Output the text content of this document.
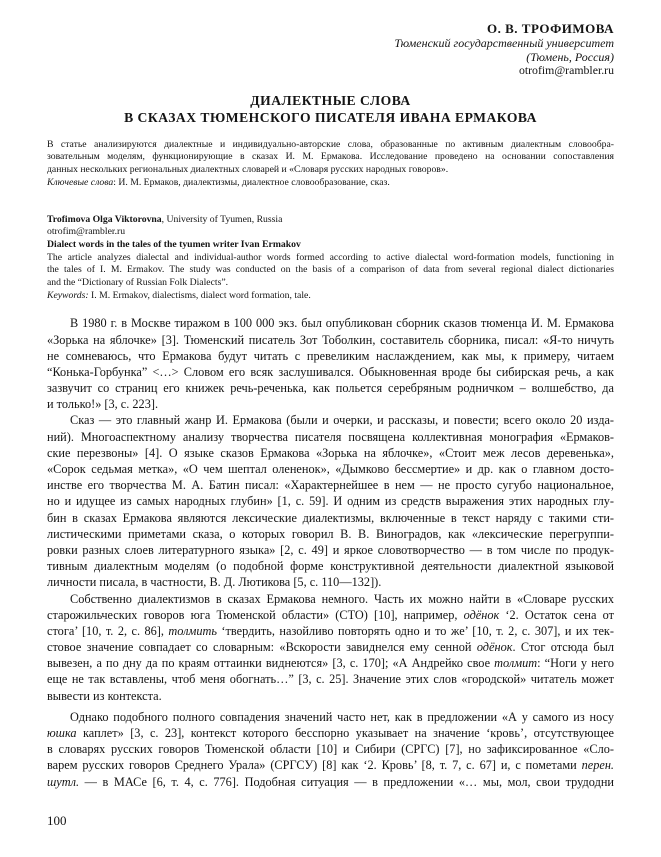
О. В. ТРОФИМОВА
Тюменский государственный университет
(Тюмень, Россия)
otrofim@rambler.ru
ДИАЛЕКТНЫЕ СЛОВА
В СКАЗАХ ТЮМЕНСКОГО ПИСАТЕЛЯ ИВАНА ЕРМАКОВА
В статье анализируются диалектные и индивидуально-авторские слова, образованные по активным диалектным словообра-
зовательным моделям, функционирующие в сказах И. М. Ермакова. Исследование проведено на основании сопоставления
данных нескольких региональных диалектных словарей и «Словаря русских народных говоров».
Ключевые слова: И. М. Ермаков, диалектизмы, диалектное словообразование, сказ.
Trofimova Olga Viktorovna, University of Tyumen, Russia
otrofim@rambler.ru
Dialect words in the tales of the tyumen writer Ivan Ermakov
The article analyzes dialectal and individual-author words formed according to active dialectal word-formation models, functioning in
the tales of I. M. Ermakov. The study was conducted on the basis of a comparison of data from several regional dialect dictionaries
and the “Dictionary of Russian Folk Dialects”.
Keywords: I. M. Ermakov, dialectisms, dialect word formation, tale.
В 1980 г. в Москве тиражом в 100 000 экз. был опубликован сборник сказов тюменца И. М. Ермакова
«Зорька на яблочке» [3]. Тюменский писатель Зот Тоболкин, составитель сборника, писал: «Я-то ничуть
не сомневаюсь, что Ермакова будут читать с превеликим наслаждением, как мы, к примеру, читаем
“Конька-Горбунка” <…> Словом его всяк заслушивался. Обыкновенная вроде бы сибирская речь, а как
зазвучит со страниц его книжек речь-реченька, как польется серебряным родничком – волшебство, да
и только!» [3, с. 223].
Сказ — это главный жанр И. Ермакова (были и очерки, и рассказы, и повести; всего около 20 изда-
ний). Многоаспектному анализу творчества писателя посвящена коллективная монография «Ермаков-
ские перезвоны» [4]. О языке сказов Ермакова «Зорька на яблочке», «Стоит меж лесов деревенька»,
«Сорок седьмая метка», «О чем шептал олененок», «Дымково бессмертие» и др. как о главном досто-
инстве его творчества М. А. Батин писал: «Характернейшее в нем — не просто сугубо национальное,
но и идущее из самых народных глубин» [1, с. 59]. И одним из средств выражения этих народных глу-
бин в сказах Ермакова являются лексические диалектизмы, включенные в текст наряду с такими сти-
листическими приметами сказа, о которых говорил В. В. Виноградов, как «лексические перегруппи-
ровки разных слоев литературного языка» [2, с. 49] и яркое словотворчество — в том числе по продук-
тивным диалектным моделям (о подобной форме конструктивной деятельности диалектной языковой
личности писала, в частности, В. Д. Лютикова [5, с. 110—132]).
Собственно диалектизмов в сказах Ермакова немного. Часть их можно найти в «Словаре русских
старожильческих говоров юга Тюменской области» (СТО) [10], например, одёнок ‘2. Остаток сена от
стога’ [10, т. 2, с. 86], толмить ‘твердить, назойливо повторять одно и то же’ [10, т. 2, с. 307], и их тек-
стовое значение совпадает со словарным: «Вскорости завиднелся ему сенной одёнок. Стог отсюда был
вывезен, а по дну да по краям оттаинки виднеются» [3, с. 170]; «А Андрейко свое толмит: “Ноги у него
еще не так вставлены, чтоб меня обогнать…” [3, с. 25]. Значение этих слов «городской» читатель может
вывести из контекста.
Однако подобного полного совпадения значений часто нет, как в предложении «А у самого из носу
юшка каплет» [3, с. 23], контекст которого бесспорно указывает на значение ‘кровь’, отсутствующее
в словарях русских говоров Тюменской области [10] и Сибири (СРГС) [7], но зафиксированное «Сло-
варем русских говоров Среднего Урала» (СРГСУ) [8] как ‘2. Кровь’ [8, т. 7, с. 67] и, с пометами перен.
шутл. — в МАСе [6, т. 4, с. 776]. Подобная ситуация — в предложении «… мы, мол, свои трудодни
100
